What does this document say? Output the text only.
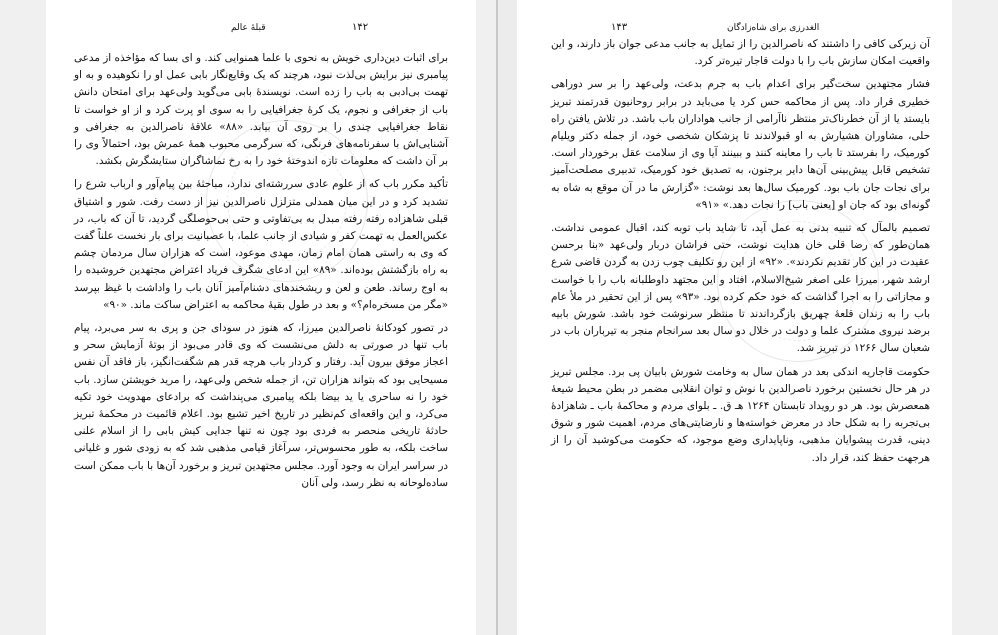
۱۴۲
قبلهٔ عالم

برای اثبات دین‌داری خویش به نحوی با علما همنوایی کند. و ای بسا که مؤاخذه از مدعی پیامبری نیز برایش بی‌لذت نبود، هرچند که یک وقایع‌نگار بابی عمل او را نکوهیده و به او تهمت بی‌ادبی به باب را زده است. نویسندهٔ بابی می‌گوید ولی‌عهد برای امتحان دانش باب از جغرافی و نجوم، یک کرهٔ جغرافیایی را به سوی او پرت کرد و از او خواست تا نقاط جغرافیایی چندی را بر روی آن بیابد. «۸۸» علاقهٔ ناصرالدین به جغرافی و آشنایی‌اش با سفرنامه‌های فرنگی، که سرگرمی محبوب همهٔ عمرش بود، احتمالاً وی را بر آن داشت که معلومات تازه اندوختهٔ خود را به رخ تماشاگران ستایشگرش بکشد.

تأکید مکرر باب که از علوم عادی سررشته‌ای ندارد، مباحثهٔ بین پیام‌آور و ارباب شرع را تشدید کرد و در این میان همدلی متزلزل ناصرالدین نیز از دست رفت. شور و اشتیاق قبلی شاهزاده رفته رفته مبدل به بی‌تفاوتی و حتی بی‌حوصلگی گردید، تا آن که باب، در عکس‌العمل به تهمت کفر و شیادی از جانب علما، با عصبانیت برای بار نخست علناً گفت که وی به راستی همان امام زمان، مهدی موعود، است که هزاران سال مردمان چشم به راه بازگشتش بوده‌اند. «۸۹» این ادعای شگرف فریاد اعتراض مجتهدین خروشیده را به اوج رساند. طعن و لعن و ریشخندهای دشنام‌آمیز آنان باب را واداشت با غیظ بپرسد «مگر من مسخره‌ام؟» و بعد در طول بقیهٔ محاکمه به اعتراض ساکت ماند. «۹۰»

در تصور کودکانهٔ ناصرالدین میرزا، که هنوز در سودای جن و پری به سر می‌برد، پیام باب تنها در صورتی به دلش می‌نشست که وی قادر می‌بود از بوتهٔ آزمایش سحر و اعجاز موفق بیرون آید. رفتار و کردار باب هرچه قدر هم شگفت‌انگیز، باز فاقد آن نفس مسیحایی بود که بتواند هزاران تن، از جمله شخص ولی‌عهد، را مرید خویشتن سازد. باب خود را نه ساحری یا ید بیضا بلکه پیامبری می‌پنداشت که برادعای مهدویت خود تکیه می‌کرد، و این واقعه‌ای کم‌نظیر در تاریخ اخیر تشیع بود. اعلام قائمیت در محکمهٔ تبریز حادثهٔ تاریخی منحصر به فردی بود چون نه تنها جدایی کیش بابی را از اسلام علنی ساخت بلکه، به طور محسوس‌تر، سرآغاز قیامی مذهبی شد که به زودی شور و غلیانی در سراسر ایران به وجود آورد. مجلس مجتهدین تبریز و برخورد آن‌ها با باب ممکن است ساده‌لوحانه به نظر رسد، ولی آنان

۱۴۳	الغدرزی برای شاه‌زادگان

آن زیرکی کافی را داشتند که ناصرالدین را از تمایل به جانب مدعی جوان باز دارند، و این واقعیت امکان سازش باب را با دولت قاجار تیره‌تر کرد.

فشار مجتهدین سخت‌گیر برای اعدام باب به جرم بدعت، ولی‌عهد را بر سر دوراهی خطیری قرار داد. پس از محاکمه حس کرد یا می‌باید در برابر روحانیون قدرتمند تبریز بایستد یا از آن خطرناک‌تر منتظر ناآرامی از جانب هواداران باب باشد. در تلاش یافتن راه حلی، مشاوران هشیارش به او قبولاندند تا پزشکان شخصی خود، از جمله دکتر ویلیام کورمیک، را بفرستد تا باب را معاینه کنند و ببینند آیا وی از سلامت عقل برخوردار است. تشخیص قابل پیش‌بینی آن‌ها دایر برجنون، به تصدیق خود کورمیک، تدبیری مصلحت‌آمیز برای نجات جان باب بود. کورمیک سال‌ها بعد نوشت: «گزارش ما در آن موقع به شاه به گونه‌ای بود که جان او [یعنی باب] را نجات دهد.» «۹۱»

تصمیم بالمآل که تنبیه بدنی به عمل آید، تا شاید باب توبه کند، اقبال عمومی نداشت. همان‌طور که رضا قلی خان هدایت نوشت، حتی فراشان دربار ولی‌عهد «بنا برحسن عقیدت در این کار تقدیم نکردند». «۹۲» از این رو تکلیف چوب زدن به گردن قاضی شرع ارشد شهر، میرزا علی اصغر شیخ‌الاسلام، افتاد و این مجتهد داوطلبانه باب را با خواست و مجازاتی را به اجرا گذاشت که خود حکم کرده بود. «۹۳» پس از این تحقیر در ملأ عام باب را به زندان قلعهٔ چهریق بازگرداندند تا منتظر سرنوشت خود باشد. شورش بابیه برضد نیروی مشترک علما و دولت در خلال دو سال بعد سرانجام منجر به تیرباران باب در شعبان سال ۱۲۶۶ در تبریز شد.

حکومت قاجاریه اندکی بعد در همان سال به وخامت شورش بابیان پی برد. مجلس تبریز در هر حال نخستین برخورد ناصرالدین با نوش و توان انقلابی مضمر در بطن محیط شیعهٔ همعصرش بود. هر دو رویداد تابستان ۱۲۶۴ هـ ق. ـ بلوای مردم و محاکمهٔ باب ـ شاهزادهٔ بی‌تجربه را به شکل حاد در معرض خواسته‌ها و نارضایتی‌های مردم، اهمیت شور و شوق دینی، قدرت پیشوایان مذهبی، وناپایداری وضع موجود، که حکومت می‌کوشید آن را از هرجهت حفظ کند، قرار داد.
